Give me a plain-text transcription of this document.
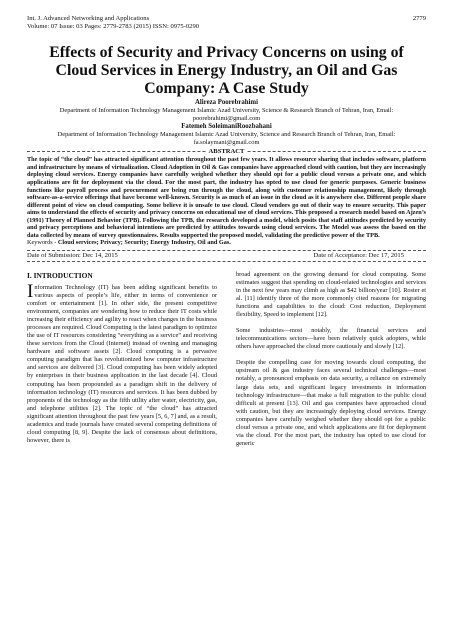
Int. J. Advanced Networking and Applications
Volume: 07 Issue: 03 Pages: 2779-2783 (2015) ISSN: 0975-0290
2779
Effects of Security and Privacy Concerns on using of Cloud Services in Energy Industry, an Oil and Gas Company: A Case Study
Alireza Poorebrahimi
Department of Information Technology Management Islamic Azad University, Science & Research Branch of Tehran, Iran, Email: poorebrahimi@gmail.com
Fatemeh SoleimaniRoozbahani
Department of Information Technology Management Islamic Azad University, Science and Research Branch of Tehran, Iran, Email: fa.solaymani@gmail.com
ABSTRACT

The topic of “the cloud” has attracted significant attention throughout the past few years. It allows resource sharing that includes software, platform and infrastructure by means of virtualization. Cloud Adoption in Oil & Gas companies have approached cloud with caution, but they are increasingly deploying cloud services. Energy companies have carefully weighed whether they should opt for a public cloud versus a private one, and which applications are fit for deployment via the cloud. For the most part, the industry has opted to use cloud for generic purposes. Generic business functions like payroll process and procurement are being run through the cloud, along with customer relationship management, likely through software-as-a-service offerings that have become well-known. Security is as much of an issue in the cloud as it is anywhere else. Different people share different point of view on cloud computing. Some believe it is unsafe to use cloud. Cloud vendors go out of their way to ensure security. This paper aims to understand the effects of security and privacy concerns on educational use of cloud services. This proposed a research model based on Ajzen’s (1991) Theory of Planned Behavior (TPB). Following the TPB, the research developed a model, which posits that staff attitudes predicted by security and privacy perceptions and behavioral intentions are predicted by attitudes towards using cloud services. The Model was assess the based on the data collected by means of survey questionnaires. Results supported the proposed model, validating the predictive power of the TPB.

Keywords - Cloud services; Privacy; Security; Energy Industry, Oil and Gas.

Date of Submission: Dec 14, 2015	Date of Acceptance: Dec 17, 2015
I. INTRODUCTION

Information Technology (IT) has been adding significant benefits to various aspects of people’s life, either in terms of convenience or comfort or entertainment [1]. In other side, the present competitive environment, companies are wondering how to reduce their IT costs while increasing their efficiency and agility to react when changes in the business processes are required. Cloud Computing is the latest paradigm to optimize the use of IT resources considering “everything as a service” and receiving these services from the Cloud (Internet) instead of owning and managing hardware and software assets [2]. Cloud computing is a pervasive computing paradigm that has revolutionized how computer infrastructure and services are delivered [3]. Cloud computing has been widely adopted by enterprises in their business application in the last decade [4]. Cloud computing has been propounded as a paradigm shift in the delivery of information technology (IT) resources and services. It has been dubbed by proponents of the technology as the fifth utility after water, electricity, gas, and telephone utilities [2]. The topic of “the cloud” has attracted significant attention throughout the past few years [5, 6, 7] and, as a result, academics and trade journals have created several competing definitions of cloud computing [8, 9]. Despite the lack of consensus about definitions, however, there is

broad agreement on the growing demand for cloud computing. Some estimates suggest that spending on cloud-related technologies and services in the next few years may climb as high as $42 billion/year [10]. Roster et al. [11] identify three of the more commonly cited reasons for migrating functions and capabilities to the cloud: Cost reduction, Deployment flexibility, Speed to implement [12].

Some industries—most notably, the financial services and telecommunications sectors—have been relatively quick adopters, while others have approached the cloud more cautiously and slowly [12].

Despite the compelling case for moving towards cloud computing, the upstream oil & gas industry faces several technical challenges—most notably, a pronounced emphasis on data security, a reliance on extremely large data sets, and significant legacy investments in information technology infrastructure—that make a full migration to the public cloud difficult at present [13]. Oil and gas companies have approached cloud with caution, but they are increasingly deploying cloud services. Energy companies have carefully weighed whether they should opt for a public cloud versus a private one, and which applications are fit for deployment via the cloud. For the most part, the industry has opted to use cloud for generic
